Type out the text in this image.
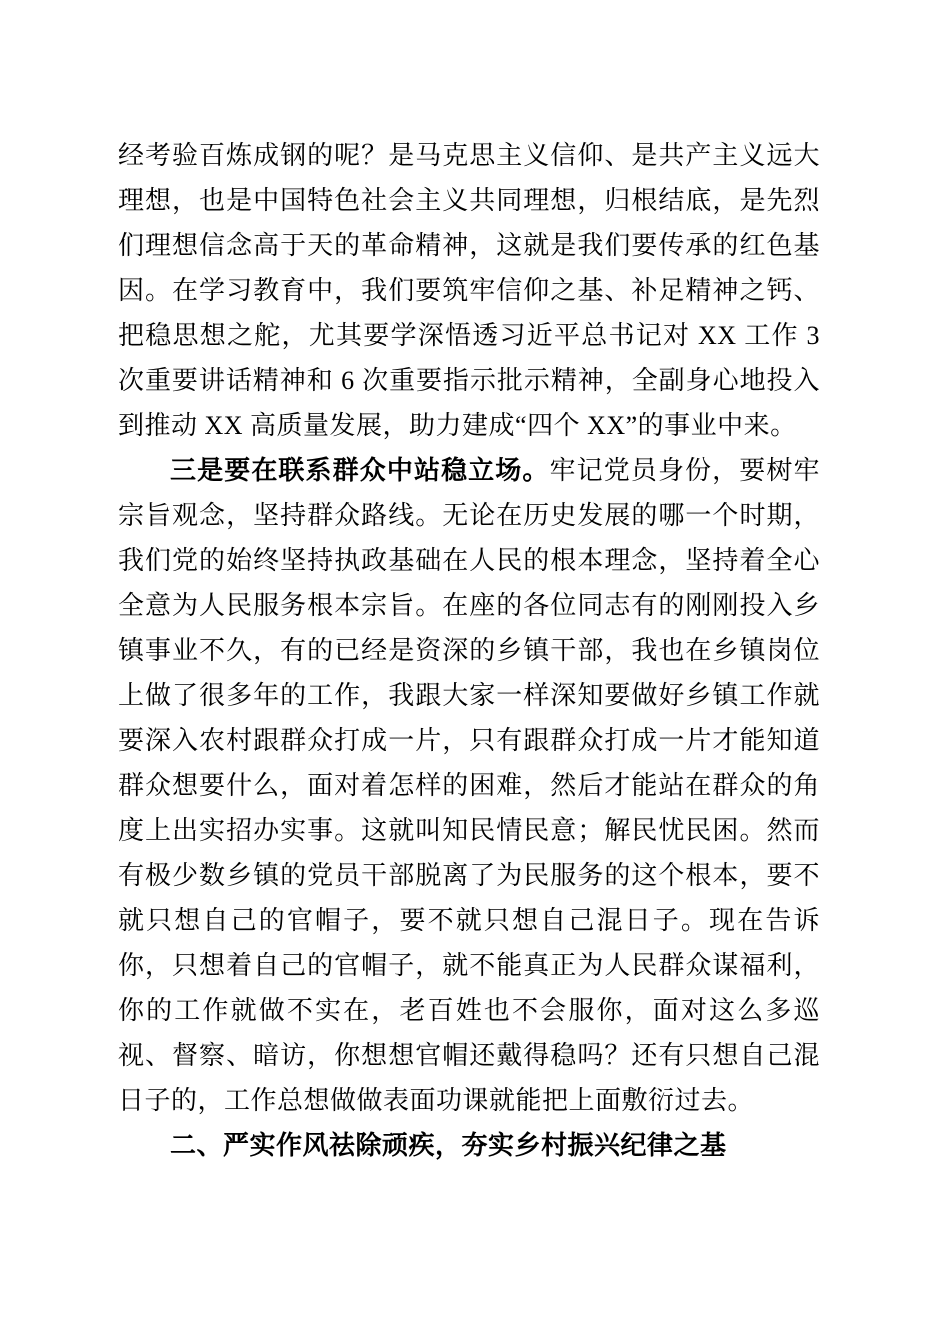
经考验百炼成钢的呢？是马克思主义信仰、是共产主义远大理想，也是中国特色社会主义共同理想，归根结底，是先烈们理想信念高于天的革命精神，这就是我们要传承的红色基因。在学习教育中，我们要筑牢信仰之基、补足精神之钙、把稳思想之舵，尤其要学深悟透习近平总书记对 XX 工作 3 次重要讲话精神和 6 次重要指示批示精神，全副身心地投入到推动 XX 高质量发展，助力建成“四个 XX”的事业中来。

三是要在联系群众中站稳立场。牢记党员身份，要树牢宗旨观念，坚持群众路线。无论在历史发展的哪一个时期，我们党的始终坚持执政基础在人民的根本理念，坚持着全心全意为人民服务根本宗旨。在座的各位同志有的刚刚投入乡镇事业不久，有的已经是资深的乡镇干部，我也在乡镇岗位上做了很多年的工作，我跟大家一样深知要做好乡镇工作就要深入农村跟群众打成一片，只有跟群众打成一片才能知道群众想要什么，面对着怎样的困难，然后才能站在群众的角度上出实招办实事。这就叫知民情民意；解民忧民困。然而有极少数乡镇的党员干部脱离了为民服务的这个根本，要不就只想自己的官帽子，要不就只想自己混日子。现在告诉你，只想着自己的官帽子，就不能真正为人民群众谋福利，你的工作就做不实在，老百姓也不会服你，面对这么多巡视、督察、暗访，你想想官帽还戴得稳吗？还有只想自己混日子的，工作总想做做表面功课就能把上面敷衍过去。

二、严实作风祛除顽疾，夯实乡村振兴纪律之基
